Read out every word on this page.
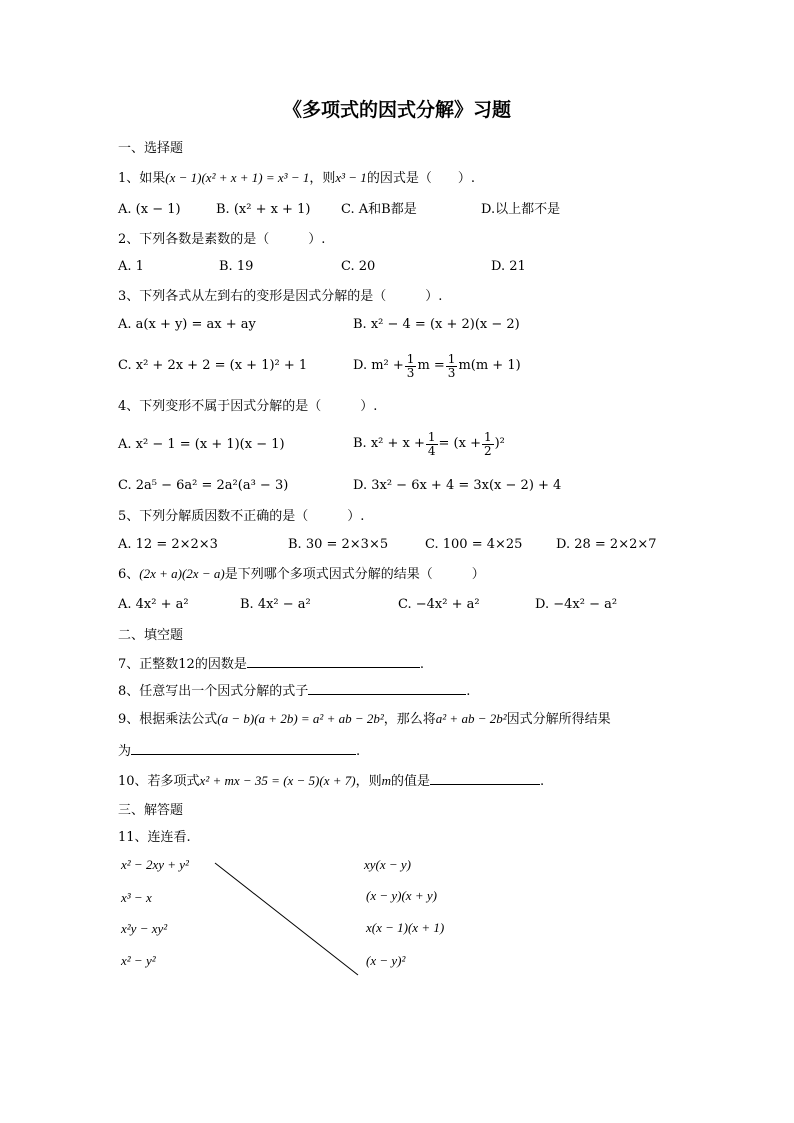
《多项式的因式分解》习题
一、选择题
1、如果(x − 1)(x² + x + 1) = x³ − 1，则x³ − 1的因式是（　　）.
A. (x − 1)	B. (x² + x + 1) C. A和B都是	D.以上都不是
2、下列各数是素数的是（　　　）.
A. 1	B. 19	C. 20	D. 21
3、下列各式从左到右的变形是因式分解的是（　　　）.
A. a(x + y) = ax + ay	B. x² − 4 = (x + 2)(x − 2)
C. x² + 2x + 2 = (x + 1)² + 1	D. $m^2 + \frac{1}{3}$ $m = \frac{1}{3} m(m + 1)$
4、下列变形不属于因式分解的是（　　　）.
A. x² − 1 = (x + 1)(x − 1)	B. $x^2 + x + \frac{1}{4} = (x + \frac{1}{2} )^2$
C. 2a⁵ − 6a² = 2a²(a³ − 3)	D. 3x² − 6x + 4 = 3x(x − 2) + 4
5、下列分解质因数不正确的是（　　　）.
A. 12 = 2×2×3	B. 30 = 2×3×5	C. 100 = 4×25	D. 28 = 2×2×7
6、(2x + a)(2x − a)是下列哪个多项式因式分解的结果（　　　）
A. 4x² + a²	B. 4x² − a²	C. −4x² + a²	D. −4x² − a²
二、填空题
7、正整数12的因数是	.
8、任意写出一个因式分解的式子	.
9、根据乘法公式(a − b)(a + 2b) = a² + ab − 2b²，那么将a² + ab − 2b²因式分解所得结果
为	.
10、若多项式x² + mx − 35 = (x − 5)(x + 7)，则m的值是	.
三、解答题
11、连连看.
x² − 2xy + y²
x³ − x
x²y − xy²
x² − y²
xy(x − y)
(x − y)(x + y)
x(x − 1)(x + 1)
(x − y)²
